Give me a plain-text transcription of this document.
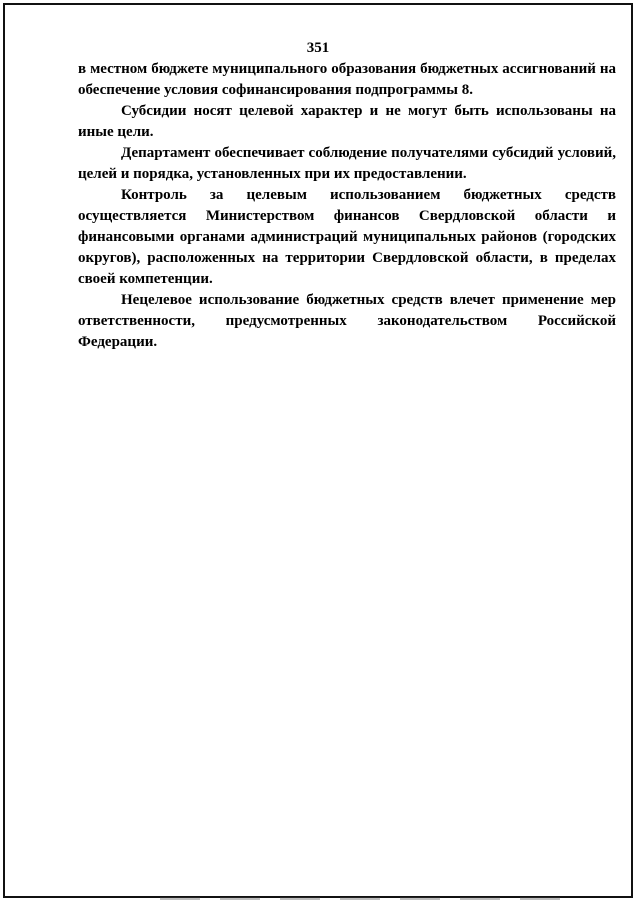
351

в местном бюджете муниципального образования бюджетных ассигнований на обеспечение условия софинансирования подпрограммы 8.

Субсидии носят целевой характер и не могут быть использованы на иные цели.

Департамент обеспечивает соблюдение получателями субсидий условий, целей и порядка, установленных при их предоставлении.

Контроль за целевым использованием бюджетных средств осуществляется Министерством финансов Свердловской области и финансовыми органами администраций муниципальных районов (городских округов), расположенных на территории Свердловской области, в пределах своей компетенции.

Нецелевое использование бюджетных средств влечет применение мер ответственности, предусмотренных законодательством Российской Федерации.
